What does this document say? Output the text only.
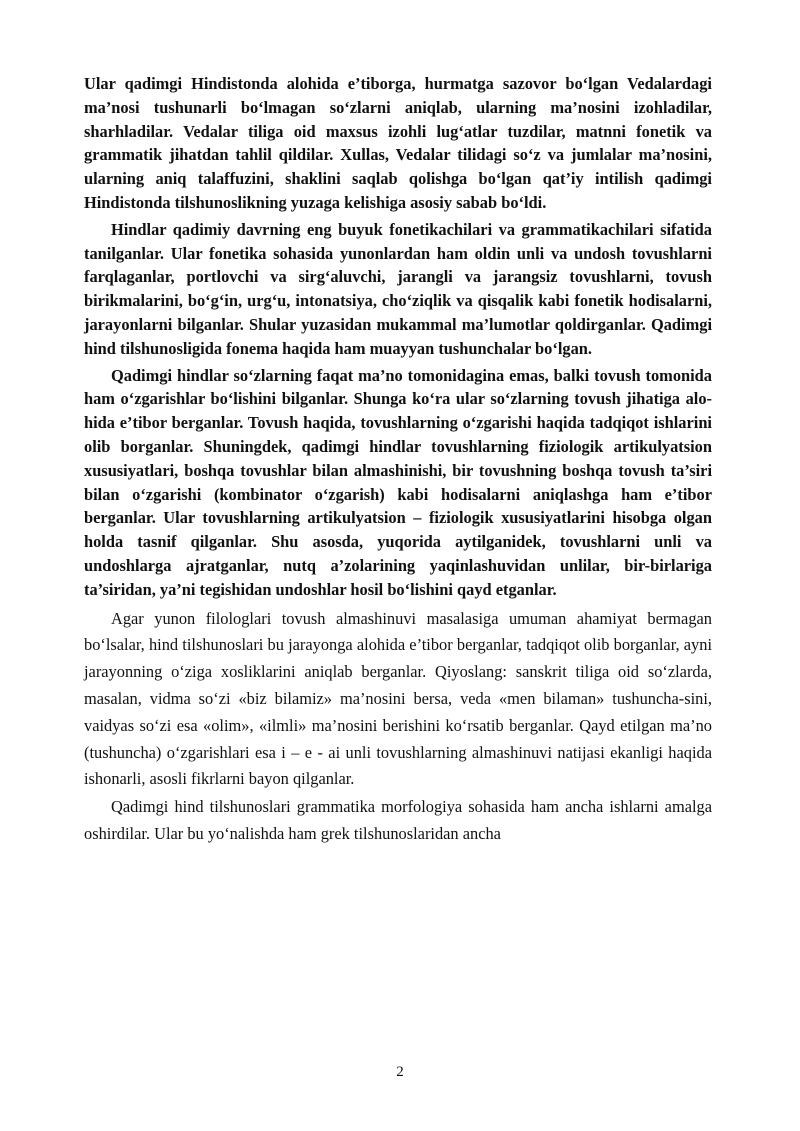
Ular qadimgi Hindistonda alohida e’tiborga, hurmatga sazovor bo‘lgan Vedalardagi ma’nosi tushunarli bo‘lmagan so‘zlarni aniqlab, ularning ma’nosini izohladilar, sharhladilar. Vedalar tiliga oid maxsus izohli lug‘atlar tuzdilar, matnni fonetik va grammatik jihatdan tahlil qildilar. Xullas, Vedalar tilidagi so‘z va jumlalar ma’nosini, ularning aniq talaffuzini, shaklini saqlab qolishga bo‘lgan qat’iy intilish qadimgi Hindistonda tilshunoslikning yuzaga kelishiga asosiy sabab bo‘ldi.

Hindlar qadimiy davrning eng buyuk fonetikachilari va grammatikachilari sifatida tanilganlar. Ular fonetika sohasida yunonlardan ham oldin unli va undosh tovushlarni farqlaganlar, portlovchi va sirg‘aluvchi, jarangli va jarangsiz tovushlarni, tovush birikmalarini, bo‘g‘in, urg‘u, intonatsiya, cho‘ziqlik va qisqalik kabi fonetik hodisalarni, jarayonlarni bilganlar. Shular yuzasidan mukammal ma’lumotlar qoldirganlar. Qadimgi hind tilshunosligida fonema haqida ham muayyan tushunchalar bo‘lgan.

Qadimgi hindlar so‘zlarning faqat ma’no tomonidagina emas, balki tovush tomonida ham o‘zgarishlar bo‘lishini bilganlar. Shunga ko‘ra ular so‘zlarning tovush jihatiga alo-hida e’tibor berganlar. Tovush haqida, tovushlarning o‘zgarishi haqida tadqiqot ishlarini olib borganlar. Shuningdek, qadimgi hindlar tovushlarning fiziologik artikulyatsion xususiyatlari, boshqa tovushlar bilan almashinishi, bir tovushning boshqa tovush ta’siri bilan o‘zgarishi (kombinator o‘zgarish) kabi hodisalarni aniqlashga ham e’tibor berganlar. Ular tovushlarning artikulyatsion – fiziologik xususiyatlarini hisobga olgan holda tasnif qilganlar. Shu asosda, yuqorida aytilganidek, tovushlarni unli va undoshlarga ajratganlar, nutq a’zolarining yaqinlashuvidan unlilar, bir-birlariga ta’siridan, ya’ni tegishidan undoshlar hosil bo‘lishini qayd etganlar.

Agar yunon filologlari tovush almashinuvi masalasiga umuman ahamiyat bermagan bo‘lsalar, hind tilshunoslari bu jarayonga alohida e’tibor berganlar, tadqiqot olib borganlar, ayni jarayonning o‘ziga xosliklarini aniqlab berganlar. Qiyoslang: sanskrit tiliga oid so‘zlarda, masalan, vidma so‘zi «biz bilamiz» ma’nosini bersa, veda «men bilaman» tushuncha-sini, vaidyas so‘zi esa «olim», «ilmli» ma’nosini berishini ko‘rsatib berganlar. Qayd etilgan ma’no (tushuncha) o‘zgarishlari esa i – e - ai unli tovushlarning almashinuvi natijasi ekanligi haqida ishonarli, asosli fikrlarni bayon qilganlar.

Qadimgi hind tilshunoslari grammatika morfologiya sohasida ham ancha ishlarni amalga oshirdilar. Ular bu yo‘nalishda ham grek tilshunoslaridan ancha

2
